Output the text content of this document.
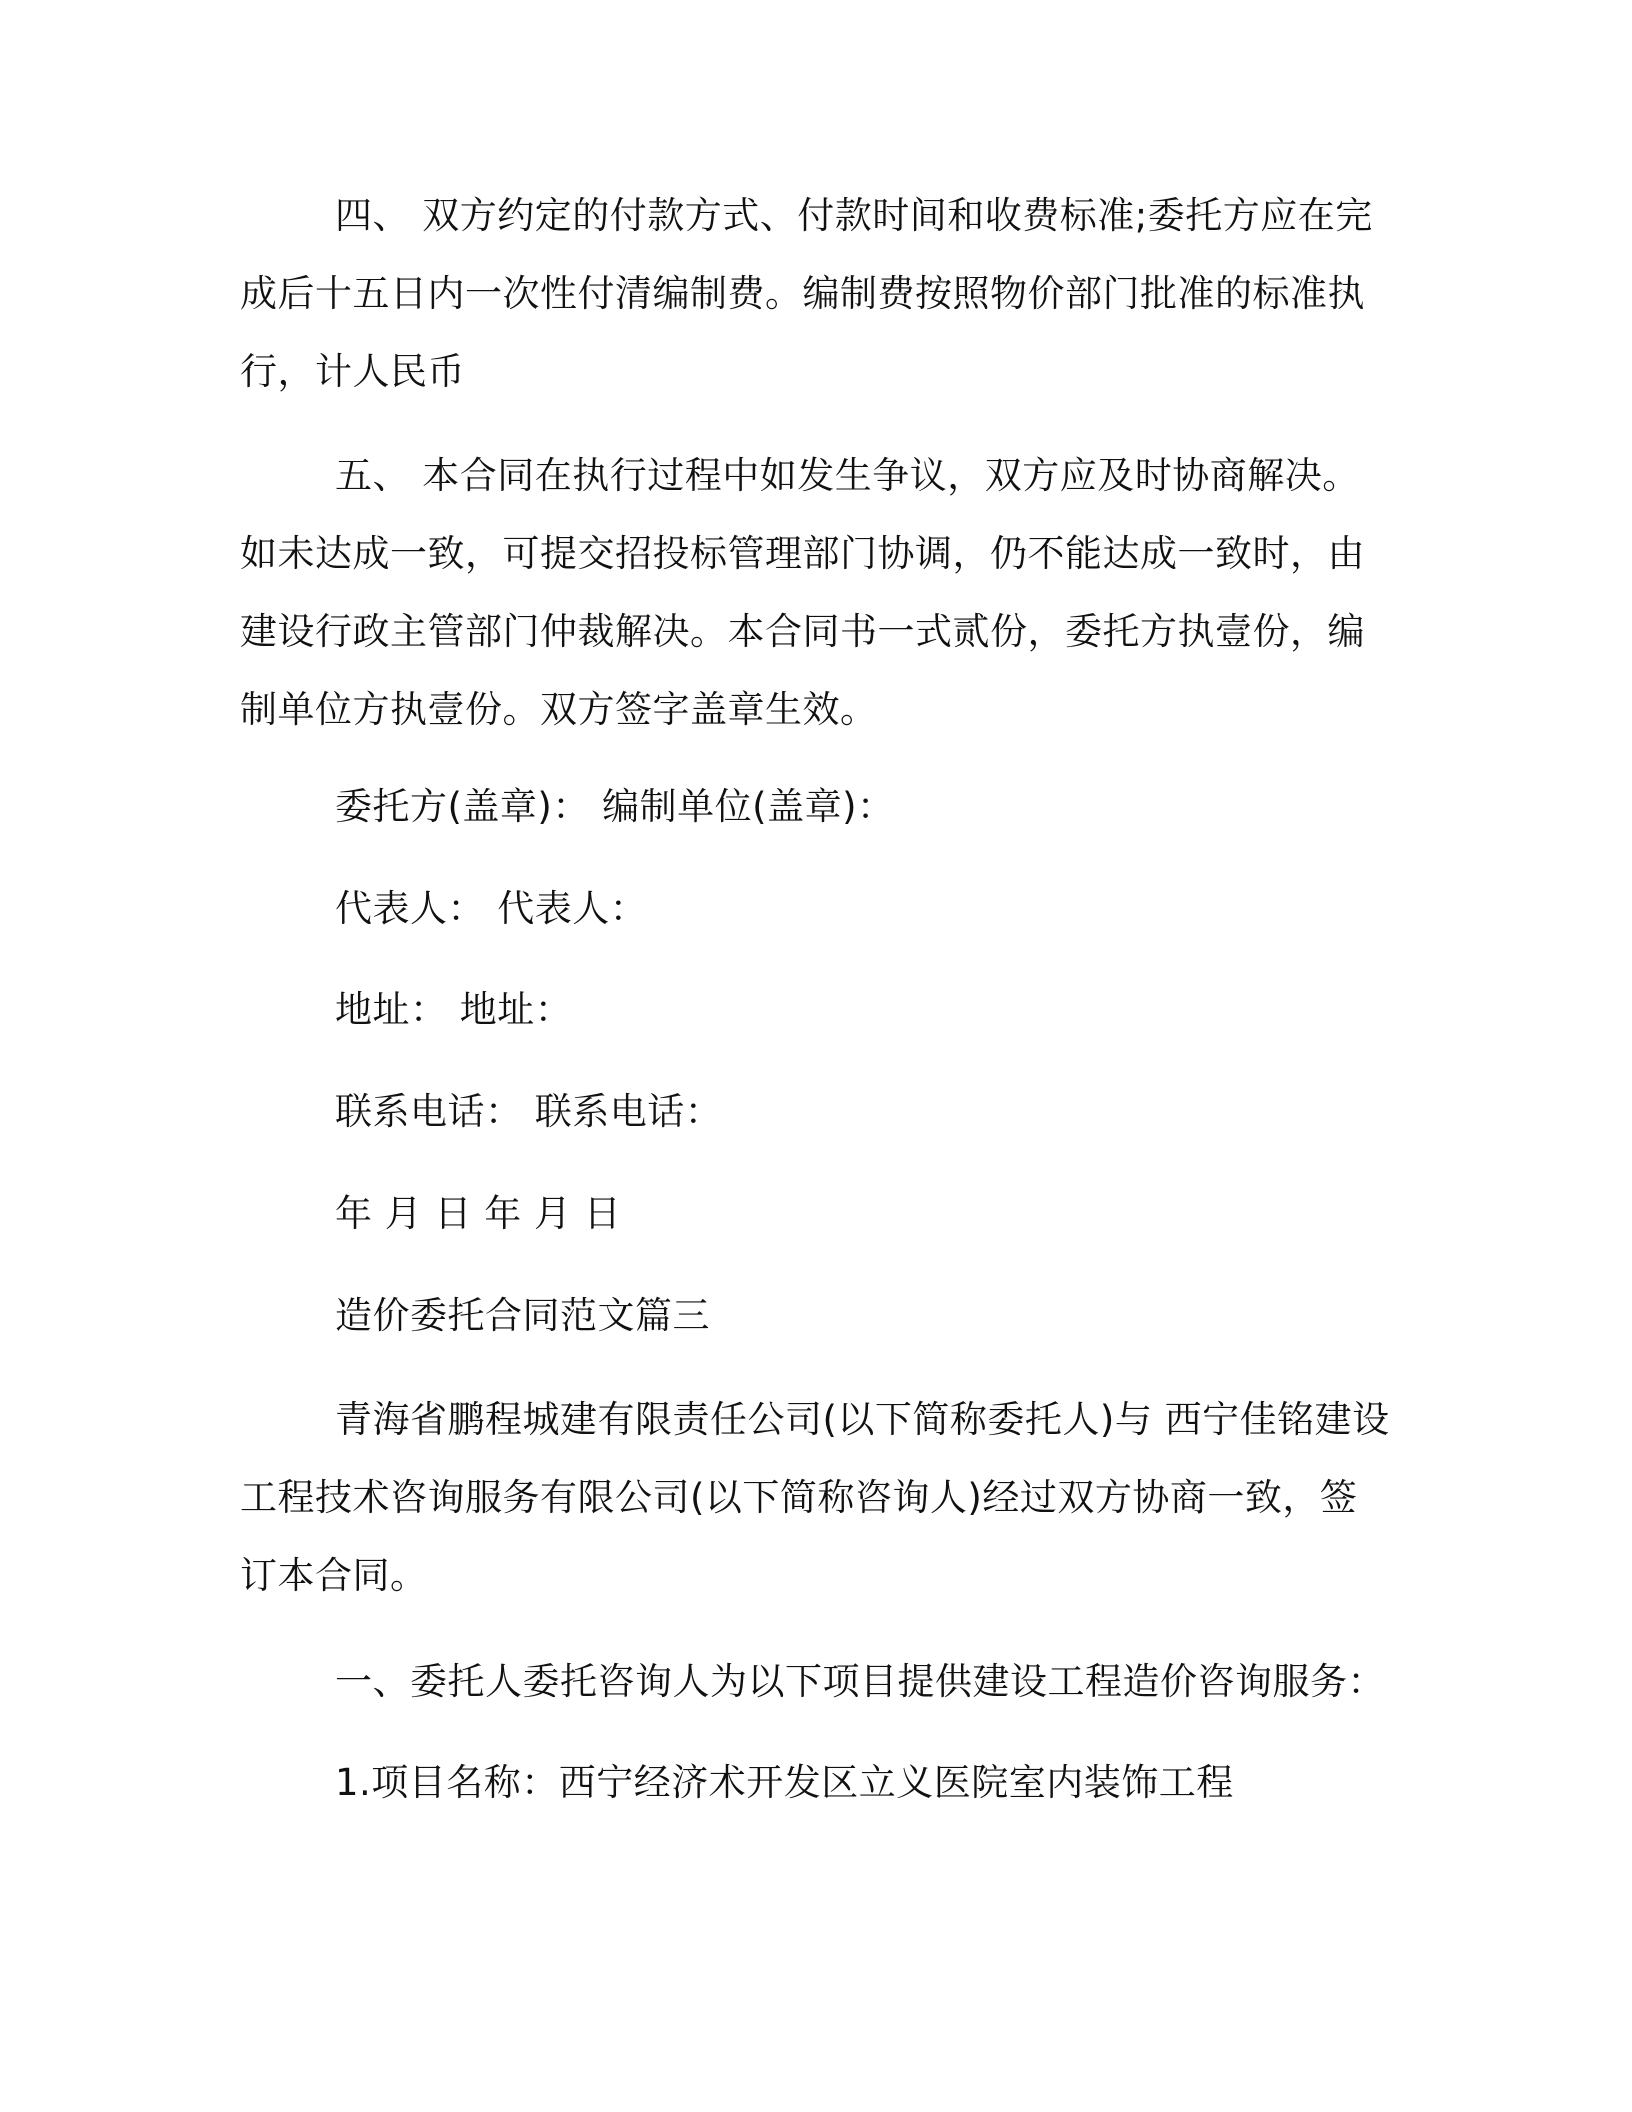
四、 双方约定的付款方式、付款时间和收费标准;委托方应在完成后十五日内一次性付清编制费。编制费按照物价部门批准的标准执行，计人民币

五、 本合同在执行过程中如发生争议，双方应及时协商解决。如未达成一致，可提交招投标管理部门协调，仍不能达成一致时，由建设行政主管部门仲裁解决。本合同书一式贰份，委托方执壹份，编制单位方执壹份。双方签字盖章生效。

委托方(盖章)： 编制单位(盖章)：
代表人： 代表人：
地址： 地址：
联系电话： 联系电话：
年 月 日 年 月 日
造价委托合同范文篇三

青海省鹏程城建有限责任公司(以下简称委托人)与 西宁佳铭建设工程技术咨询服务有限公司(以下简称咨询人)经过双方协商一致，签订本合同。

一、委托人委托咨询人为以下项目提供建设工程造价咨询服务：
1.项目名称：西宁经济术开发区立义医院室内装饰工程
